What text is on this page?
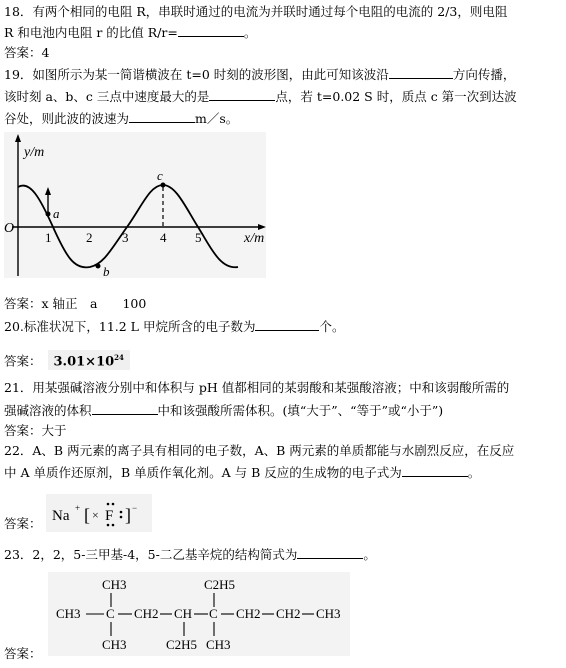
18．有两个相同的电阻 R，串联时通过的电流为并联时通过每个电阻的电流的 2/3，则电阻
R 和电池内电阻 r 的比值 R/r=	。
答案：4
19．如图所示为某一简谐横波在 t=0 时刻的波形图，由此可知该波沿	方向传播，
该时刻 a、b、c 三点中速度最大的是	点，若 t=0.02 S 时，质点 c 第一次到达波
谷处，则此波的波速为	m／s。
y/m
x/m
O
1	2 3 4 5
a
b
c
答案：x 轴正　a　　100
20.标准状况下，11.2 L 甲烷所含的电子数为	个。
答案： $3.01\times 10^{24}$
21．用某强碱溶液分别中和体积与 pH 值都相同的某弱酸和某强酸溶液；中和该弱酸所需的
强碱溶液的体积	中和该强酸所需体积。(填“大于”、“等于”或“小于”)
答案：大于
22．A、B 两元素的离子具有相同的电子数，A、B 两元素的单质都能与水剧烈反应，在反应
中 A 单质作还原剂，B 单质作氧化剂。A 与 B 反应的生成物的电子式为	。
答案： Na + [ × F ] −
23．2，2，5-三甲基-4，5-二乙基辛烷的结构简式为	。
答案：
CH3	C2H5
CH3 C CH2 CH C CH2 CH2 CH3
CH3	C2H5 CH3
